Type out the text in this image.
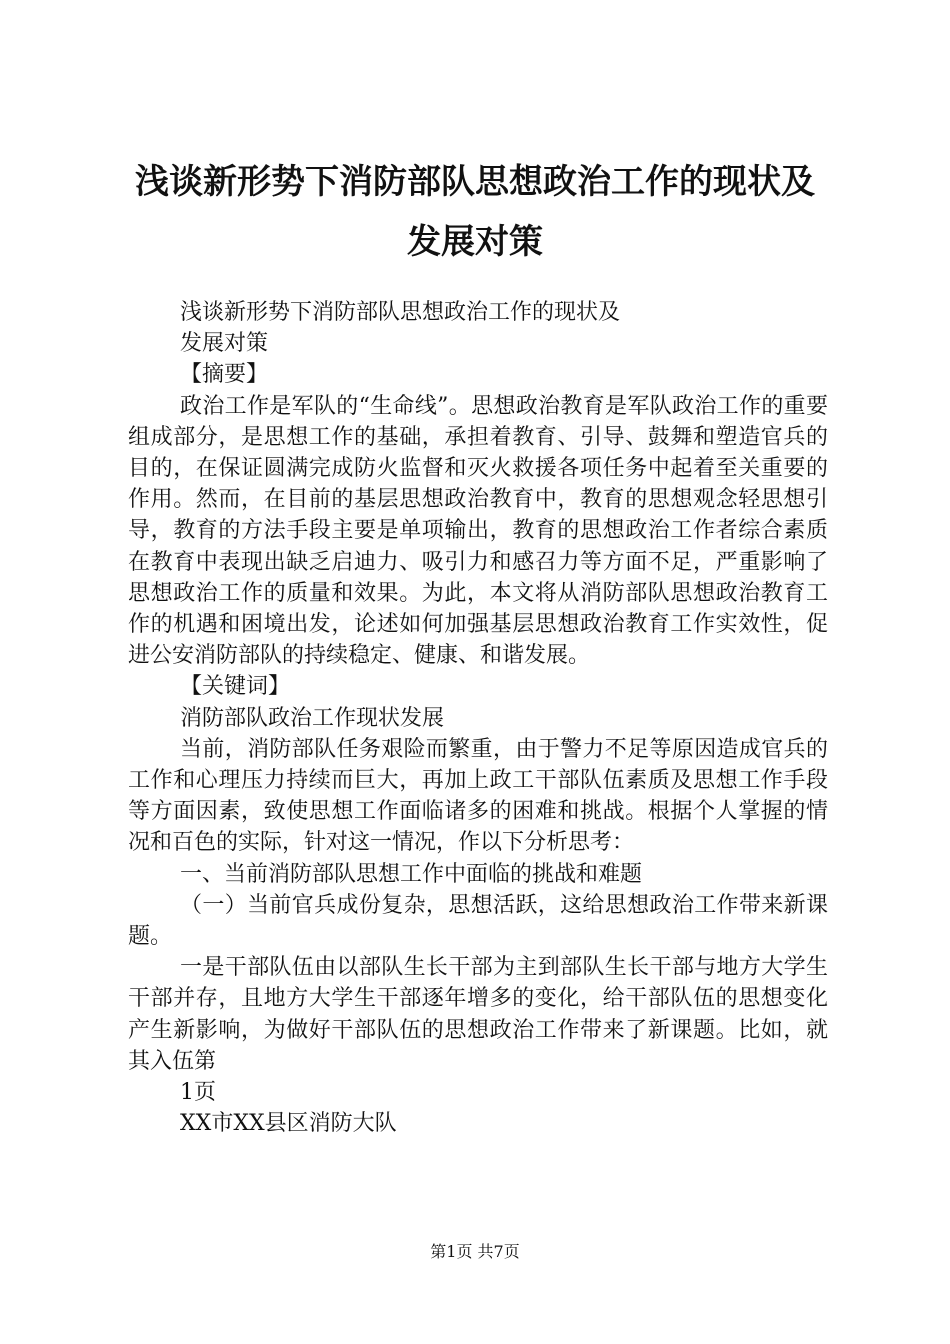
浅谈新形势下消防部队思想政治工作的现状及
发展对策

浅谈新形势下消防部队思想政治工作的现状及

发展对策

【摘要】

政治工作是军队的“生命线”。思想政治教育是军队政治工作的重要组成部分，是思想工作的基础，承担着教育、引导、鼓舞和塑造官兵的目的，在保证圆满完成防火监督和灭火救援各项任务中起着至关重要的作用。然而，在目前的基层思想政治教育中，教育的思想观念轻思想引导，教育的方法手段主要是单项输出，教育的思想政治工作者综合素质在教育中表现出缺乏启迪力、吸引力和感召力等方面不足，严重影响了思想政治工作的质量和效果。为此，本文将从消防部队思想政治教育工作的机遇和困境出发，论述如何加强基层思想政治教育工作实效性，促进公安消防部队的持续稳定、健康、和谐发展。

【关键词】

消防部队政治工作现状发展

当前，消防部队任务艰险而繁重，由于警力不足等原因造成官兵的工作和心理压力持续而巨大，再加上政工干部队伍素质及思想工作手段等方面因素，致使思想工作面临诸多的困难和挑战。根据个人掌握的情况和百色的实际，针对这一情况，作以下分析思考：

一、当前消防部队思想工作中面临的挑战和难题

（一）当前官兵成份复杂，思想活跃，这给思想政治工作带来新课题。

一是干部队伍由以部队生长干部为主到部队生长干部与地方大学生干部并存，且地方大学生干部逐年增多的变化，给干部队伍的思想变化产生新影响，为做好干部队伍的思想政治工作带来了新课题。比如，就其入伍第

1页

XX市XX县区消防大队

第1页 共7页
